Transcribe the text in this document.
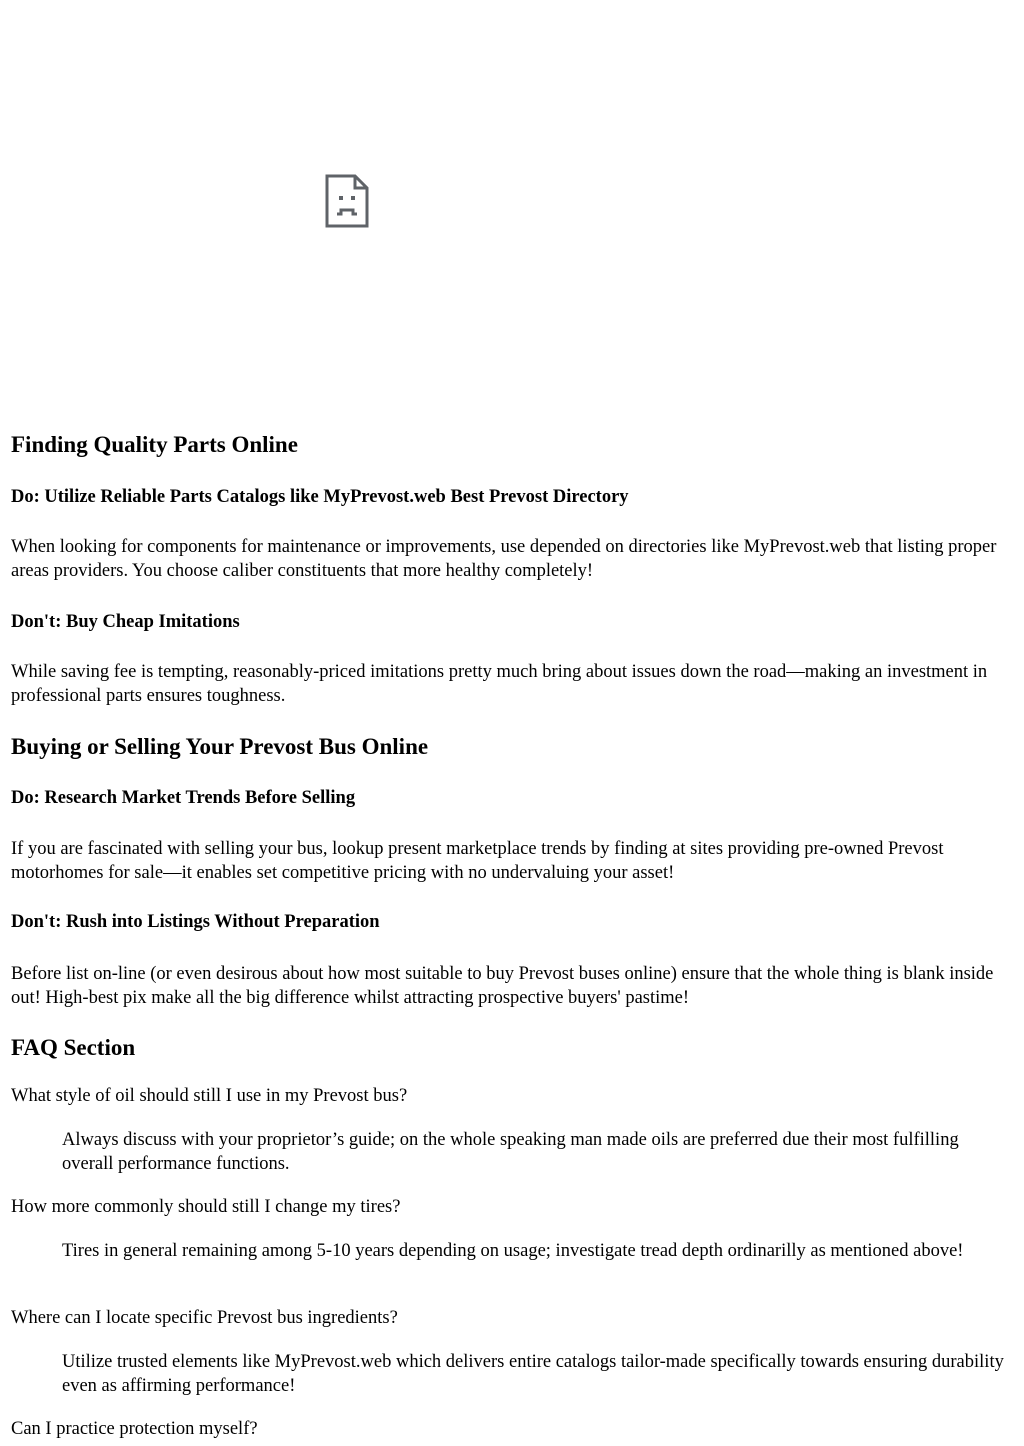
Finding Quality Parts Online
Do: Utilize Reliable Parts Catalogs like MyPrevost.web Best Prevost Directory

When looking for components for maintenance or improvements, use depended on directories like MyPrevost.web that listing proper areas providers. You choose caliber constituents that more healthy completely!

Don't: Buy Cheap Imitations

While saving fee is tempting, reasonably-priced imitations pretty much bring about issues down the road—making an investment in professional parts ensures toughness.

Buying or Selling Your Prevost Bus Online
Do: Research Market Trends Before Selling

If you are fascinated with selling your bus, lookup present marketplace trends by finding at sites providing pre-owned Prevost motorhomes for sale—it enables set competitive pricing with no undervaluing your asset!

Don't: Rush into Listings Without Preparation

Before list on-line (or even desirous about how most suitable to buy Prevost buses online) ensure that the whole thing is blank inside out! High-best pix make all the big difference whilst attracting prospective buyers' pastime!

FAQ Section

What style of oil should still I use in my Prevost bus?

Always discuss with your proprietor’s guide; on the whole speaking man made oils are preferred due their most fulfilling overall performance functions.

How more commonly should still I change my tires?

Tires in general remaining among 5-10 years depending on usage; investigate tread depth ordinarilly as mentioned above!

Where can I locate specific Prevost bus ingredients?

Utilize trusted elements like MyPrevost.web which delivers entire catalogs tailor-made specifically towards ensuring durability even as affirming performance!

Can I practice protection myself?
